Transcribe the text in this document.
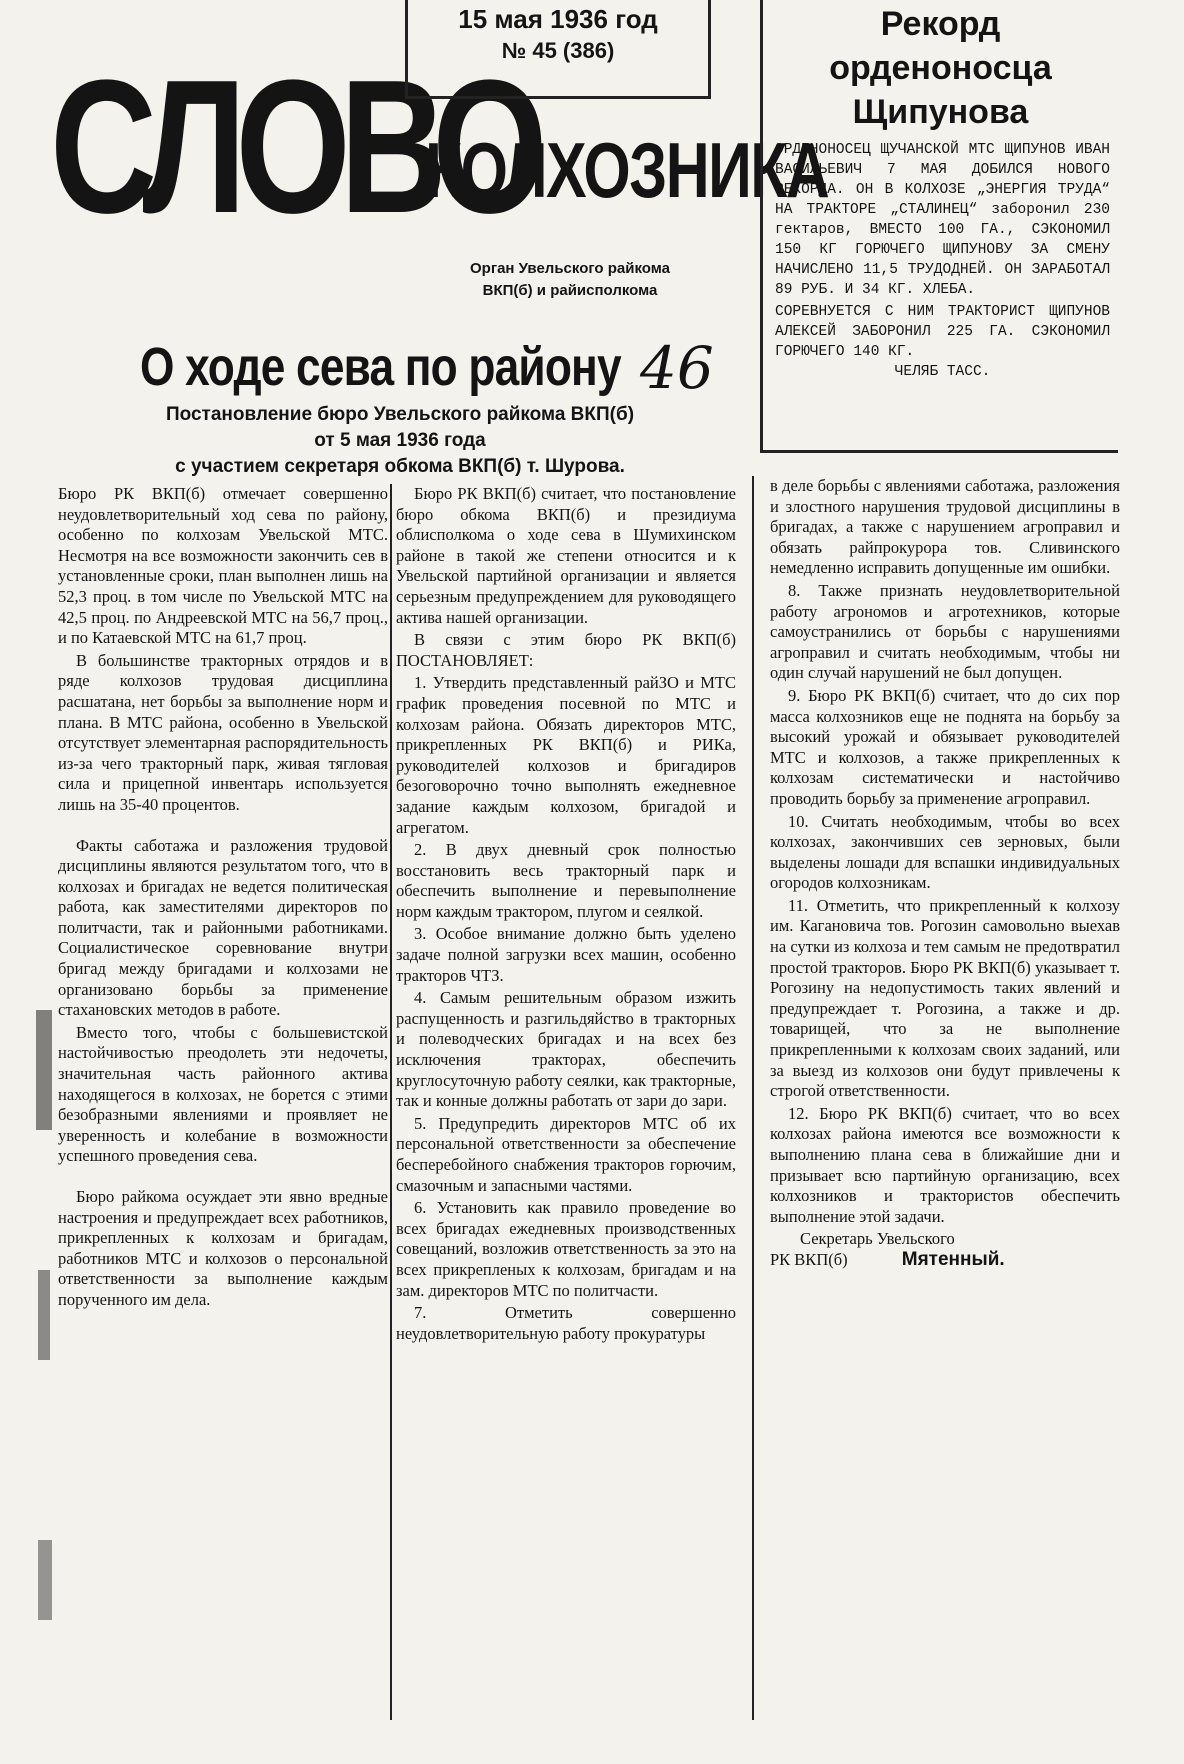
СЛОВО
15 мая 1936 год
№ 45 (386)
КОЛХОЗНИКА
Орган Увельского райкома
ВКП(б) и райисполкома
Рекорд орденоносца Щипунова
ОРДЕНОНОСЕЦ ЩУЧАНСКОЙ МТС ЩИПУНОВ ИВАН ВАСИЛЬЕВИЧ 7 МАЯ ДОБИЛСЯ НОВОГО РЕКОРДА. ОН В КОЛХОЗЕ „ЭНЕРГИЯ ТРУДА“ НА ТРАКТОРЕ „СТАЛИНЕЦ“ заборонил 230 гектаров, ВМЕСТО 100 ГА., СЭКОНОМИЛ 150 КГ ГОРЮЧЕГО ЩИПУНОВУ ЗА СМЕНУ НАЧИСЛЕНО 11,5 ТРУДОДНЕЙ. ОН ЗАРАБОТАЛ 89 РУБ. И 34 КГ. ХЛЕБА.
СОРЕВНУЕТСЯ С НИМ ТРАКТОРИСТ ЩИПУНОВ АЛЕКСЕЙ ЗАБОРОНИЛ 225 ГА. СЭКОНОМИЛ ГОРЮЧЕГО 140 КГ.
ЧЕЛЯБ ТАСС.
О ходе сева по району 46
Постановление бюро Увельского райкома ВКП(б)
от 5 мая 1936 года
с участием секретаря обкома ВКП(б) т. Шурова.

Бюро РК ВКП(б) отмечает совершенно неудовлетворительный ход сева по району, особенно по колхозам Увельской МТС. Несмотря на все возможности закончить сев в установленные сроки, план выполнен лишь на 52,3 проц. в том числе по Увельской МТС на 42,5 проц. по Андреевской МТС на 56,7 проц., и по Катаевской МТС на 61,7 проц.

В большинстве тракторных отрядов и в ряде колхозов трудовая дисциплина расшатана, нет борьбы за выполнение норм и плана. В МТС района, особенно в Увельской отсутствует элементарная распорядительность из-за чего тракторный парк, живая тягловая сила и прицепной инвентарь используется лишь на 35-40 процентов.

Факты саботажа и разложения трудовой дисциплины являются результатом того, что в колхозах и бригадах не ведется политическая работа, как заместителями директоров по политчасти, так и районными работниками. Социалистическое соревнование внутри бригад между бригадами и колхозами не организовано борьбы за применение стахановских методов в работе.

Вместо того, чтобы с большевистской настойчивостью преодолеть эти недочеты, значительная часть районного актива находящегося в колхозах, не борется с этими безобразными явлениями и проявляет не уверенность и колебание в возможности успешного проведения сева.

Бюро райкома осуждает эти явно вредные настроения и предупреждает всех работников, прикрепленных к колхозам и бригадам, работников МТС и колхозов о персональной ответственности за выполнение каждым порученного им дела.

Бюро РК ВКП(б) считает, что постановление бюро обкома ВКП(б) и президиума облисполкома о ходе сева в Шумихинском районе в такой же степени относится и к Увельской партийной организации и является серьезным предупреждением для руководящего актива нашей организации.

В связи с этим бюро РК ВКП(б) ПОСТАНОВЛЯЕТ:

1. Утвердить представленный райЗО и МТС график проведения посевной по МТС и колхозам района. Обязать директоров МТС, прикрепленных РК ВКП(б) и РИКа, руководителей колхозов и бригадиров безоговорочно точно выполнять ежедневное задание каждым колхозом, бригадой и агрегатом.

2. В двух дневный срок полностью восстановить весь тракторный парк и обеспечить выполнение и перевыполнение норм каждым трактором, плугом и сеялкой.

3. Особое внимание должно быть уделено задаче полной загрузки всех машин, особенно тракторов ЧТЗ.

4. Самым решительным образом изжить распущенность и разгильдяйство в тракторных и полеводческих бригадах и на всех без исключения тракторах, обеспечить круглосуточную работу сеялки, как тракторные, так и конные должны работать от зари до зари.

5. Предупредить директоров МТС об их персональной ответственности за обеспечение бесперебойного снабжения тракторов горючим, смазочным и запасными частями.

6. Установить как правило проведение во всех бригадах ежедневных производственных совещаний, возложив ответственность за это на всех прикрепленых к колхозам, бригадам и на зам. директоров МТС по политчасти.

7. Отметить совершенно неудовлетворительную работу прокуратуры

в деле борьбы с явлениями саботажа, разложения и злостного нарушения трудовой дисциплины в бригадах, а также с нарушением агроправил и обязать райпрокурора тов. Сливинского немедленно исправить допущенные им ошибки.

8. Также признать неудовлетворительной работу агрономов и агротехников, которые самоустранились от борьбы с нарушениями агроправил и считать необходимым, чтобы ни один случай нарушений не был допущен.

9. Бюро РК ВКП(б) считает, что до сих пор масса колхозников еще не поднята на борьбу за высокий урожай и обязывает руководителей МТС и колхозов, а также прикрепленных к колхозам систематически и настойчиво проводить борьбу за применение агроправил.

10. Считать необходимым, чтобы во всех колхозах, закончивших сев зерновых, были выделены лошади для вспашки индивидуальных огородов колхозникам.

11. Отметить, что прикрепленный к колхозу им. Кагановича тов. Рогозин самовольно выехав на сутки из колхоза и тем самым не предотвратил простой тракторов. Бюро РК ВКП(б) указывает т. Рогозину на недопустимость таких явлений и предупреждает т. Рогозина, а также и др. товарищей, что за не выполнение прикрепленными к колхозам своих заданий, или за выезд из колхозов они будут привлечены к строгой ответственности.

12. Бюро РК ВКП(б) считает, что во всех колхозах района имеются все возможности к выполнению плана сева в ближайшие дни и призывает всю партийную организацию, всех колхозников и трактористов обеспечить выполнение этой задачи.

Секретарь Увельского
РК ВКП(б)	Мятенный.
